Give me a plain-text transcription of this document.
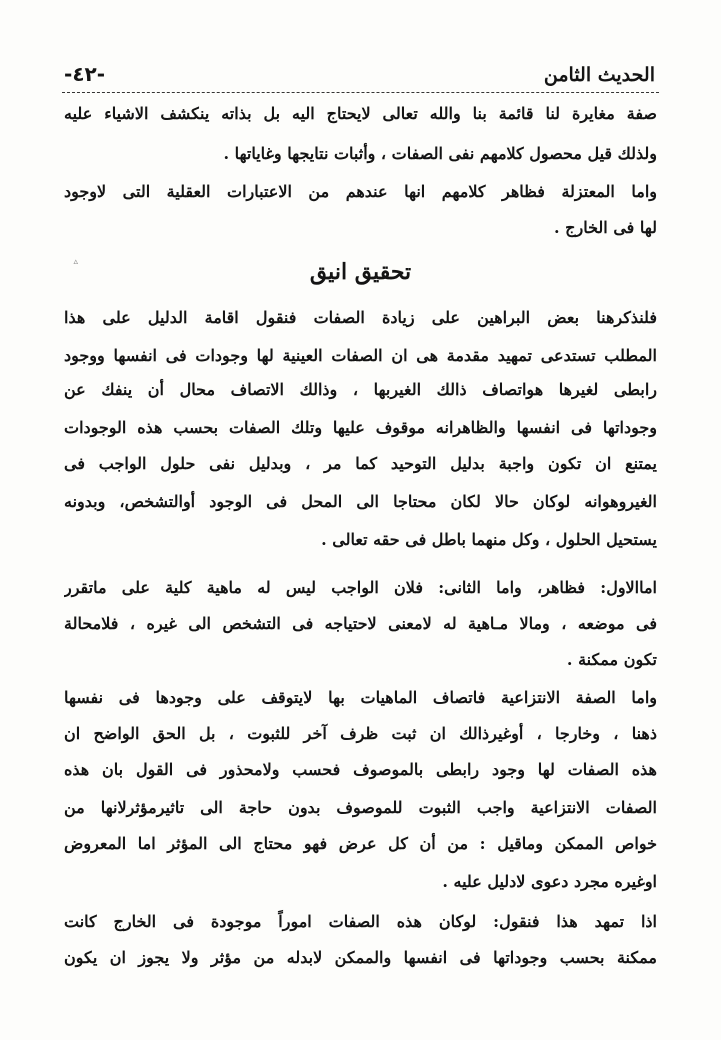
الحديث الثامن
-٤٢-
صفة مغايرة لنا قائمة بنا والله تعالى لايحتاج اليه بل بذاته ينكشف الاشياء عليه
ولذلك قيل محصول كلامهم نفى الصفات ، وأثبات نتايجها وغاياتها .
واما المعتزلة فظاهر كلامهم انها عندهم من الاعتبارات العقلية التى لاوجود
لها فى الخارج .
▵	تحقيق انيق
فلنذكرهنا بعض البراهين على زيادة الصفات فنقول اقامة الدليل على هذا
المطلب تستدعى تمهيد مقدمة هى ان الصفات العينية لها وجودات فى انفسها ووجود
رابطى لغيرها هواتصاف ذالك الغيربها ، وذالك الاتصاف محال أن ينفك عن
وجوداتها فى انفسها والظاهرانه موقوف عليها وتلك الصفات بحسب هذه الوجودات
يمتنع ان تكون واجبة بدليل التوحيد كما مر ، وبدليل نفى حلول الواجب فى
الغيروهوانه لوكان حالا لكان محتاجا الى المحل فى الوجود أوالتشخص، وبدونه
يستحيل الحلول ، وكل منهما باطل فى حقه تعالى .
اماالاول: فظاهر، واما الثانى: فلان الواجب ليس له ماهية كلية على ماتقرر
فى موضعه ، ومالا مـاهية له لامعنى لاحتياجه فى التشخص الى غيره ، فلامحالة
تكون ممكنة .
واما الصفة الانتزاعية فاتصاف الماهيات بها لايتوقف على وجودها فى نفسها
ذهنا ، وخارجا ، أوغيرذالك ان ثبت ظرف آخر للثبوت ، بل الحق الواضح ان
هذه الصفات لها وجود رابطى بالموصوف فحسب ولامحذور فى القول بان هذه
الصفات الانتزاعية واجب الثبوت للموصوف بدون حاجة الى تاثيرمؤثرلانها من
خواص الممكن وماقيل : من أن كل عرض فهو محتاج الى المؤثر اما المعروض
اوغيره مجرد دعوى لادليل عليه .
اذا تمهد هذا فنقول: لوكان هذه الصفات اموراً موجودة فى الخارج كانت
ممكنة بحسب وجوداتها فى انفسها والممكن لابدله من مؤثر ولا يجوز ان يكون
